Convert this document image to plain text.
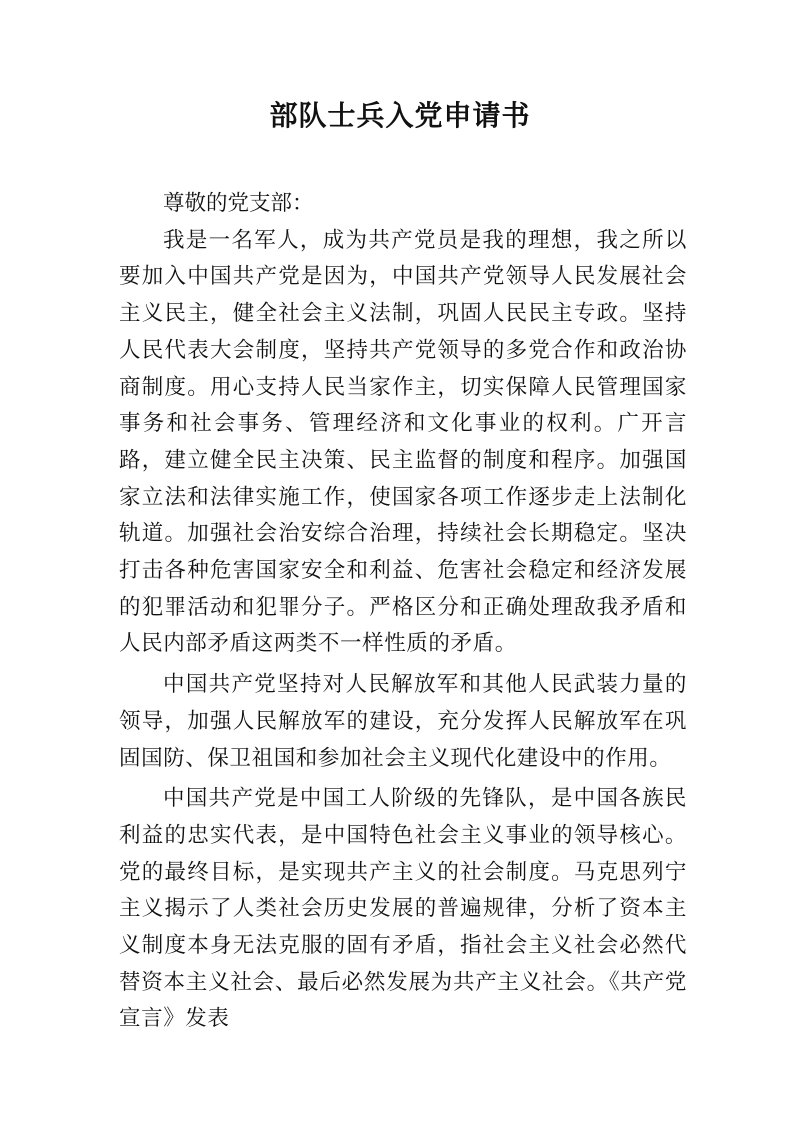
部队士兵入党申请书

尊敬的党支部：

我是一名军人，成为共产党员是我的理想，我之所以要加入中国共产党是因为，中国共产党领导人民发展社会主义民主，健全社会主义法制，巩固人民民主专政。坚持人民代表大会制度，坚持共产党领导的多党合作和政治协商制度。用心支持人民当家作主，切实保障人民管理国家事务和社会事务、管理经济和文化事业的权利。广开言路，建立健全民主决策、民主监督的制度和程序。加强国家立法和法律实施工作，使国家各项工作逐步走上法制化轨道。加强社会治安综合治理，持续社会长期稳定。坚决打击各种危害国家安全和利益、危害社会稳定和经济发展的犯罪活动和犯罪分子。严格区分和正确处理敌我矛盾和人民内部矛盾这两类不一样性质的矛盾。

中国共产党坚持对人民解放军和其他人民武装力量的领导，加强人民解放军的建设，充分发挥人民解放军在巩固国防、保卫祖国和参加社会主义现代化建设中的作用。

中国共产党是中国工人阶级的先锋队，是中国各族民利益的忠实代表，是中国特色社会主义事业的领导核心。党的最终目标，是实现共产主义的社会制度。马克思列宁主义揭示了人类社会历史发展的普遍规律，分析了资本主义制度本身无法克服的固有矛盾，指社会主义社会必然代替资本主义社会、最后必然发展为共产主义社会。《共产党宣言》发表
